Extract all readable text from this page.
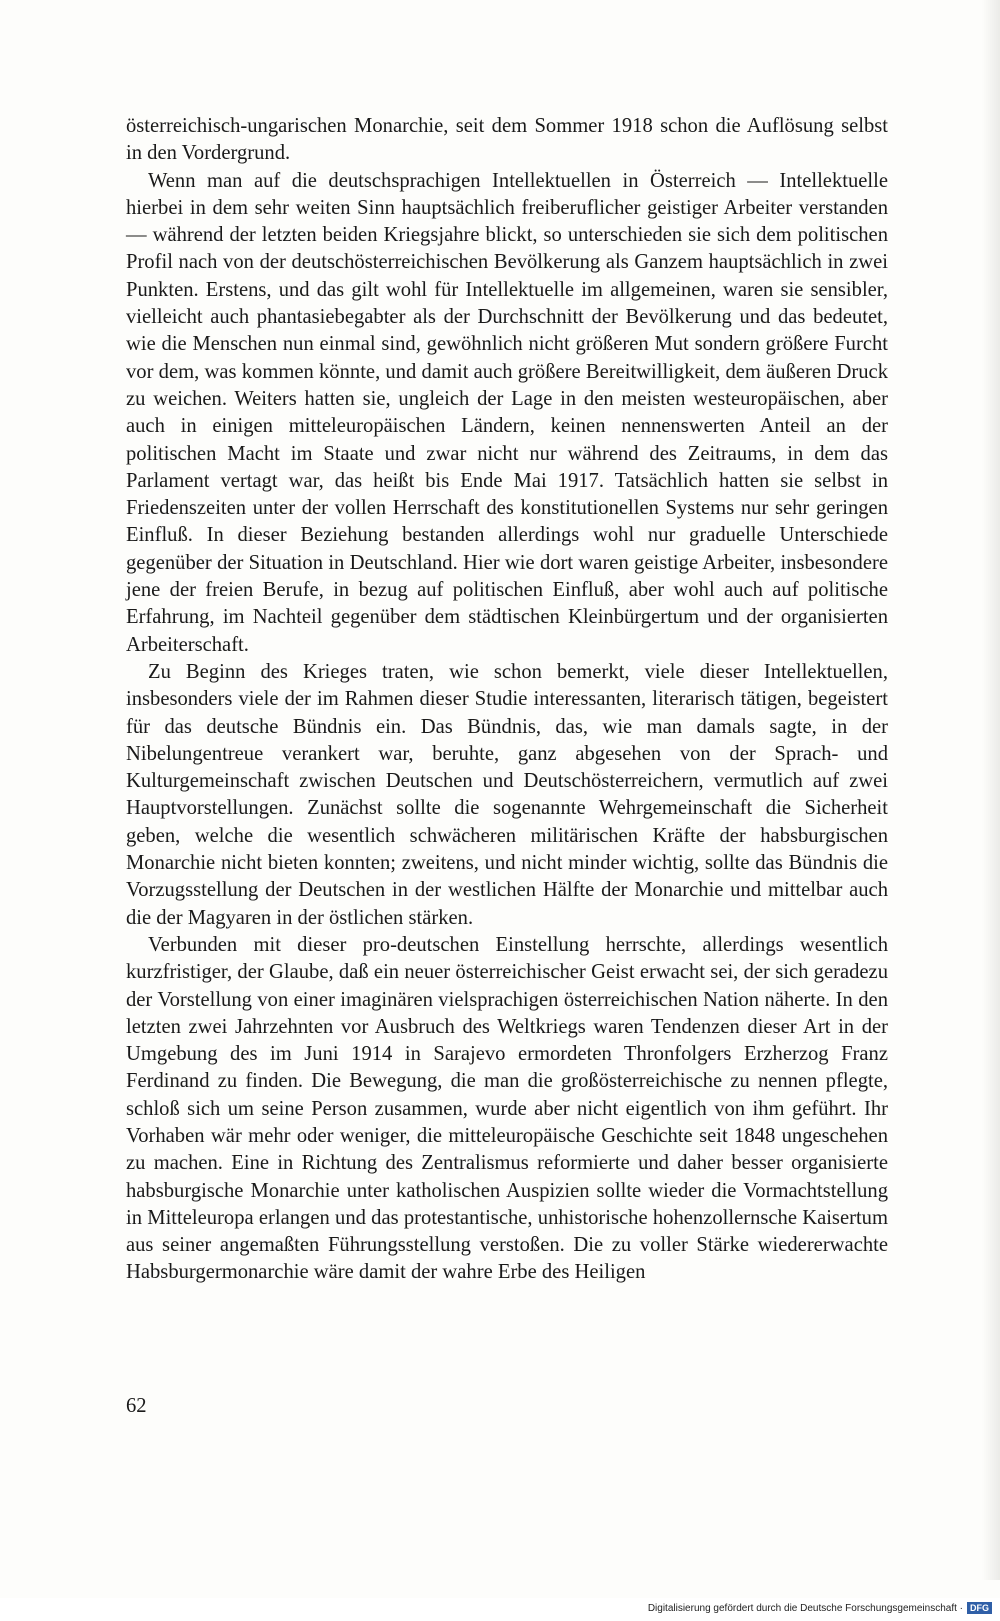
österreichisch-ungarischen Monarchie, seit dem Sommer 1918 schon die Auflösung selbst in den Vordergrund.

Wenn man auf die deutschsprachigen Intellektuellen in Österreich — Intellektuelle hierbei in dem sehr weiten Sinn hauptsächlich freiberuflicher geistiger Arbeiter verstanden — während der letzten beiden Kriegsjahre blickt, so unterschieden sie sich dem politischen Profil nach von der deutschösterreichischen Bevölkerung als Ganzem hauptsächlich in zwei Punkten. Erstens, und das gilt wohl für Intellektuelle im allgemeinen, waren sie sensibler, vielleicht auch phantasiebegabter als der Durchschnitt der Bevölkerung und das bedeutet, wie die Menschen nun einmal sind, gewöhnlich nicht größeren Mut sondern größere Furcht vor dem, was kommen könnte, und damit auch größere Bereitwilligkeit, dem äußeren Druck zu weichen. Weiters hatten sie, ungleich der Lage in den meisten westeuropäischen, aber auch in einigen mitteleuropäischen Ländern, keinen nennenswerten Anteil an der politischen Macht im Staate und zwar nicht nur während des Zeitraums, in dem das Parlament vertagt war, das heißt bis Ende Mai 1917. Tatsächlich hatten sie selbst in Friedenszeiten unter der vollen Herrschaft des konstitutionellen Systems nur sehr geringen Einfluß. In dieser Beziehung bestanden allerdings wohl nur graduelle Unterschiede gegenüber der Situation in Deutschland. Hier wie dort waren geistige Arbeiter, insbesondere jene der freien Berufe, in bezug auf politischen Einfluß, aber wohl auch auf politische Erfahrung, im Nachteil gegenüber dem städtischen Kleinbürgertum und der organisierten Arbeiterschaft.

Zu Beginn des Krieges traten, wie schon bemerkt, viele dieser Intellektuellen, insbesonders viele der im Rahmen dieser Studie interessanten, literarisch tätigen, begeistert für das deutsche Bündnis ein. Das Bündnis, das, wie man damals sagte, in der Nibelungentreue verankert war, beruhte, ganz abgesehen von der Sprach- und Kulturgemeinschaft zwischen Deutschen und Deutschösterreichern, vermutlich auf zwei Hauptvorstellungen. Zunächst sollte die sogenannte Wehrgemeinschaft die Sicherheit geben, welche die wesentlich schwächeren militärischen Kräfte der habsburgischen Monarchie nicht bieten konnten; zweitens, und nicht minder wichtig, sollte das Bündnis die Vorzugsstellung der Deutschen in der westlichen Hälfte der Monarchie und mittelbar auch die der Magyaren in der östlichen stärken.

Verbunden mit dieser pro-deutschen Einstellung herrschte, allerdings wesentlich kurzfristiger, der Glaube, daß ein neuer österreichischer Geist erwacht sei, der sich geradezu der Vorstellung von einer imaginären vielsprachigen österreichischen Nation näherte. In den letzten zwei Jahrzehnten vor Ausbruch des Weltkriegs waren Tendenzen dieser Art in der Umgebung des im Juni 1914 in Sarajevo ermordeten Thronfolgers Erzherzog Franz Ferdinand zu finden. Die Bewegung, die man die großösterreichische zu nennen pflegte, schloß sich um seine Person zusammen, wurde aber nicht eigentlich von ihm geführt. Ihr Vorhaben wär mehr oder weniger, die mitteleuropäische Geschichte seit 1848 ungeschehen zu machen. Eine in Richtung des Zentralismus reformierte und daher besser organisierte habsburgische Monarchie unter katholischen Auspizien sollte wieder die Vormachtstellung in Mitteleuropa erlangen und das protestantische, unhistorische hohenzollernsche Kaisertum aus seiner angemaßten Führungsstellung verstoßen. Die zu voller Stärke wiedererwachte Habsburgermonarchie wäre damit der wahre Erbe des Heiligen

62
Digitalisierung gefördert durch die Deutsche Forschungsgemeinschaft · DFG
